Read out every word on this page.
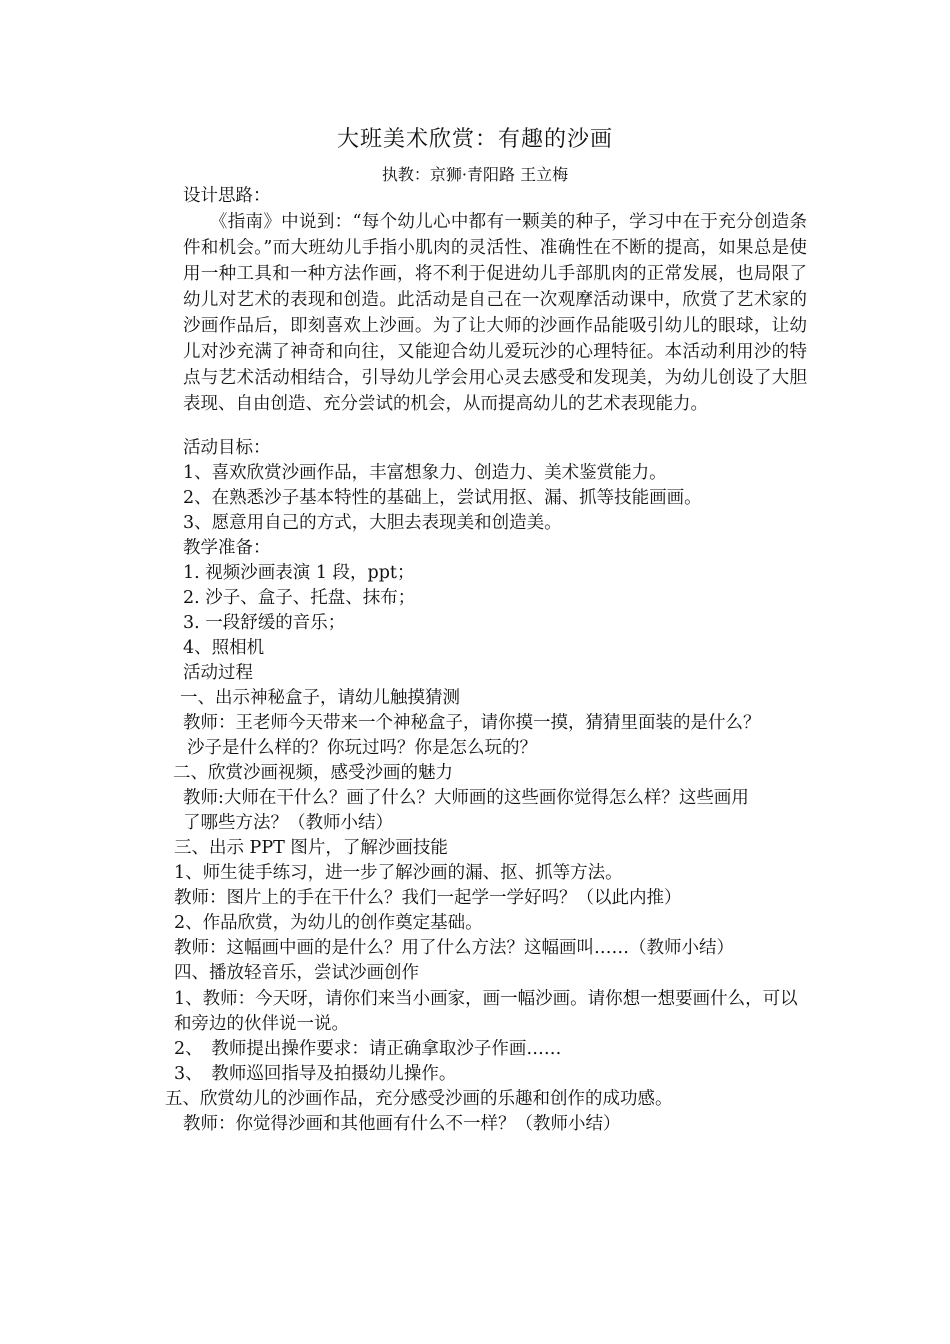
大班美术欣赏：有趣的沙画
执教：京狮·青阳路 王立梅
设计思路：
　　《指南》中说到：“每个幼儿心中都有一颗美的种子，学习中在于充分创造条件和机会。”而大班幼儿手指小肌肉的灵活性、准确性在不断的提高，如果总是使用一种工具和一种方法作画，将不利于促进幼儿手部肌肉的正常发展，也局限了幼儿对艺术的表现和创造。此活动是自己在一次观摩活动课中，欣赏了艺术家的沙画作品后，即刻喜欢上沙画。为了让大师的沙画作品能吸引幼儿的眼球，让幼儿对沙充满了神奇和向往，又能迎合幼儿爱玩沙的心理特征。本活动利用沙的特点与艺术活动相结合，引导幼儿学会用心灵去感受和发现美，为幼儿创设了大胆表现、自由创造、充分尝试的机会，从而提高幼儿的艺术表现能力。
活动目标：
1、喜欢欣赏沙画作品，丰富想象力、创造力、美术鉴赏能力。
2、在熟悉沙子基本特性的基础上，尝试用抠、漏、抓等技能画画。
3、愿意用自己的方式，大胆去表现美和创造美。
教学准备：
1. 视频沙画表演 1 段，ppt；
2. 沙子、盒子、托盘、抹布；
3. 一段舒缓的音乐；
4、照相机
活动过程
一、出示神秘盒子，请幼儿触摸猜测
教师：王老师今天带来一个神秘盒子，请你摸一摸，猜猜里面装的是什么？
沙子是什么样的？你玩过吗？你是怎么玩的？
二、欣赏沙画视频，感受沙画的魅力
教师:大师在干什么？画了什么？大师画的这些画你觉得怎么样？这些画用
了哪些方法？（教师小结）
三、出示 PPT 图片，了解沙画技能
1、师生徒手练习，进一步了解沙画的漏、抠、抓等方法。
教师：图片上的手在干什么？我们一起学一学好吗？（以此内推）
2、作品欣赏，为幼儿的创作奠定基础。
教师：这幅画中画的是什么？用了什么方法？这幅画叫……（教师小结）
四、播放轻音乐，尝试沙画创作
1、教师：今天呀，请你们来当小画家，画一幅沙画。请你想一想要画什么，可以
和旁边的伙伴说一说。
2、　教师提出操作要求：请正确拿取沙子作画……
3、　教师巡回指导及拍摄幼儿操作。
五、欣赏幼儿的沙画作品，充分感受沙画的乐趣和创作的成功感。
教师：你觉得沙画和其他画有什么不一样？（教师小结）
